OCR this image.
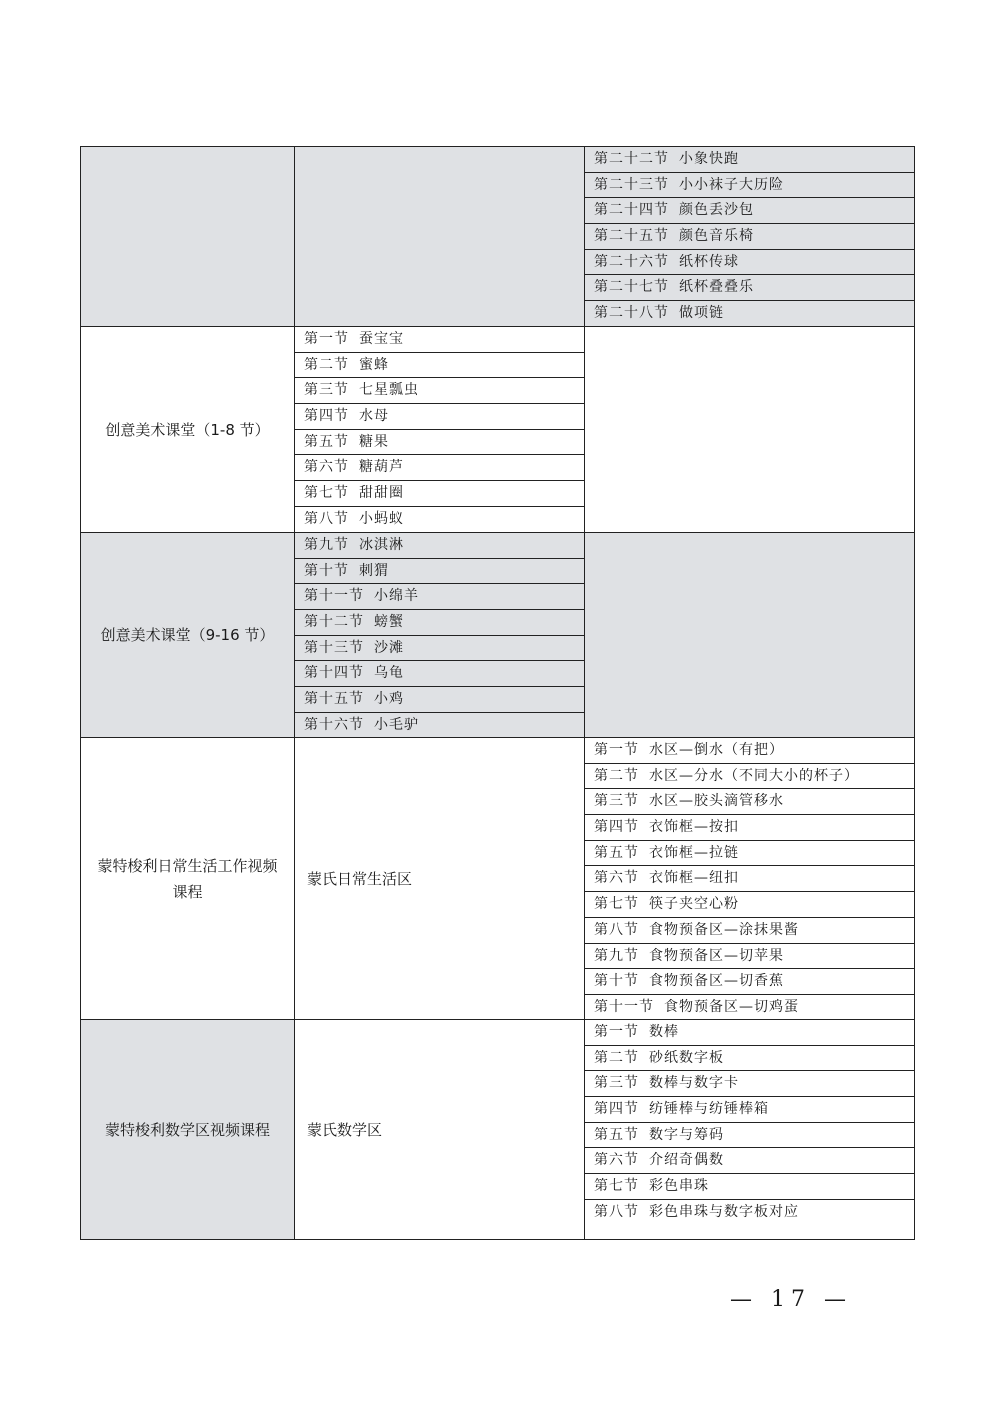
第二十二节 小象快跑
第二十三节 小小袜子大历险
第二十四节 颜色丢沙包
第二十五节 颜色音乐椅
第二十六节 纸杯传球
第二十七节 纸杯叠叠乐
第二十八节 做项链
创意美术课堂（1-8 节）
第一节 蚕宝宝
第二节 蜜蜂
第三节 七星瓢虫
第四节 水母
第五节 糖果
第六节 糖葫芦
第七节 甜甜圈
第八节 小蚂蚁
创意美术课堂（9-16 节）
第九节 冰淇淋
第十节 刺猬
第十一节 小绵羊
第十二节 螃蟹
第十三节 沙滩
第十四节 乌龟
第十五节 小鸡
第十六节 小毛驴
蒙特梭利日常生活工作视频课程
蒙氏日常生活区
第一节 水区—倒水（有把）
第二节 水区—分水（不同大小的杯子）
第三节 水区—胶头滴管移水
第四节 衣饰框—按扣
第五节 衣饰框—拉链
第六节 衣饰框—纽扣
第七节 筷子夹空心粉
第八节 食物预备区—涂抹果酱
第九节 食物预备区—切苹果
第十节 食物预备区—切香蕉
第十一节 食物预备区—切鸡蛋
蒙特梭利数学区视频课程	蒙氏数学区
第一节 数棒
第二节 砂纸数字板
第三节 数棒与数字卡
第四节 纺锤棒与纺锤棒箱
第五节 数字与筹码
第六节 介绍奇偶数
第七节 彩色串珠
第八节 彩色串珠与数字板对应
— 17 —
